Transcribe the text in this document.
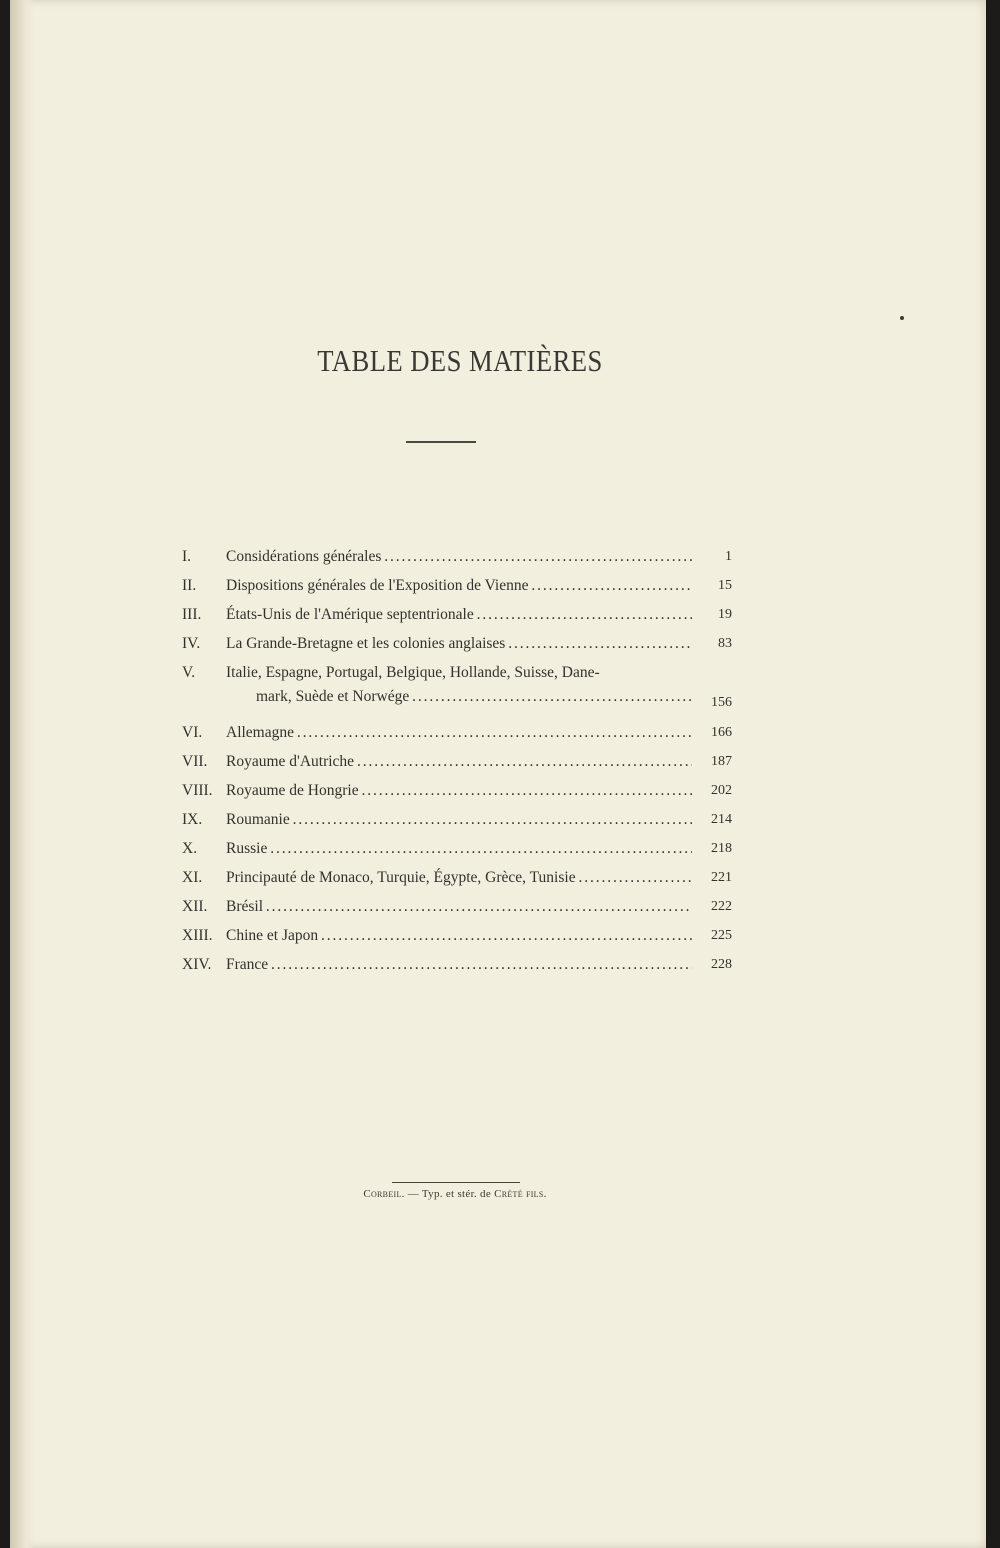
TABLE DES MATIÈRES
I.	Considérations générales . . .	1
II.	Dispositions générales de l'Exposition de Vienne . . .	15
III.	États-Unis de l'Amérique septentrionale . . .	19
IV.	La Grande-Bretagne et les colonies anglaises . . .	83
V.	Italie, Espagne, Portugal, Belgique, Hollande, Suisse, Dane-
mark, Suède et Norwége . . .	156
VI.	Allemagne . . .	166
VII.	Royaume d'Autriche . . .	187
VIII. Royaume de Hongrie . . .	202
IX.	Roumanie . . .	214
X.	Russie . . .	218
XI.	Principauté de Monaco, Turquie, Égypte, Grèce, Tunisie . . .	221
XII.	Brésil . . .	222
XIII. Chine et Japon . . .	225
XIV. France . . .	228
Corbeil. — Typ. et stér. de Crété fils.
